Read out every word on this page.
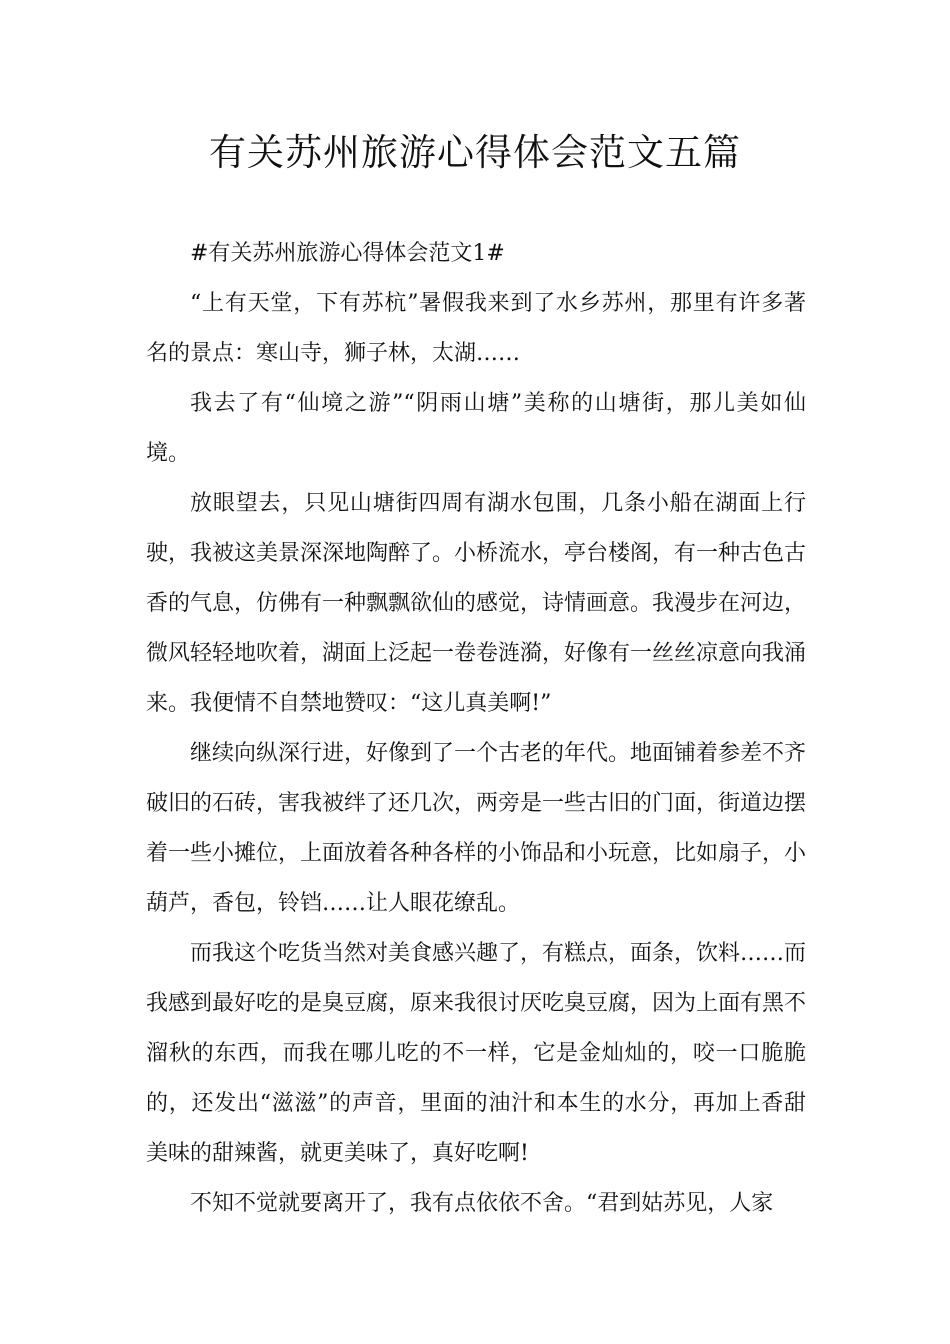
有关苏州旅游心得体会范文五篇

#有关苏州旅游心得体会范文1#

“上有天堂，下有苏杭”暑假我来到了水乡苏州，那里有许多著名的景点：寒山寺，狮子林，太湖……

我去了有“仙境之游”“阴雨山塘”美称的山塘街，那儿美如仙境。

放眼望去，只见山塘街四周有湖水包围，几条小船在湖面上行驶，我被这美景深深地陶醉了。小桥流水，亭台楼阁，有一种古色古香的气息，仿佛有一种飘飘欲仙的感觉，诗情画意。我漫步在河边，微风轻轻地吹着，湖面上泛起一卷卷涟漪，好像有一丝丝凉意向我涌来。我便情不自禁地赞叹：“这儿真美啊!”

继续向纵深行进，好像到了一个古老的年代。地面铺着参差不齐破旧的石砖，害我被绊了还几次，两旁是一些古旧的门面，街道边摆着一些小摊位，上面放着各种各样的小饰品和小玩意，比如扇子，小葫芦，香包，铃铛……让人眼花缭乱。

而我这个吃货当然对美食感兴趣了，有糕点，面条，饮料……而我感到最好吃的是臭豆腐，原来我很讨厌吃臭豆腐，因为上面有黑不溜秋的东西，而我在哪儿吃的不一样，它是金灿灿的，咬一口脆脆的，还发出“滋滋”的声音，里面的油汁和本生的水分，再加上香甜美味的甜辣酱，就更美味了，真好吃啊!

不知不觉就要离开了，我有点依依不舍。“君到姑苏见，人家
